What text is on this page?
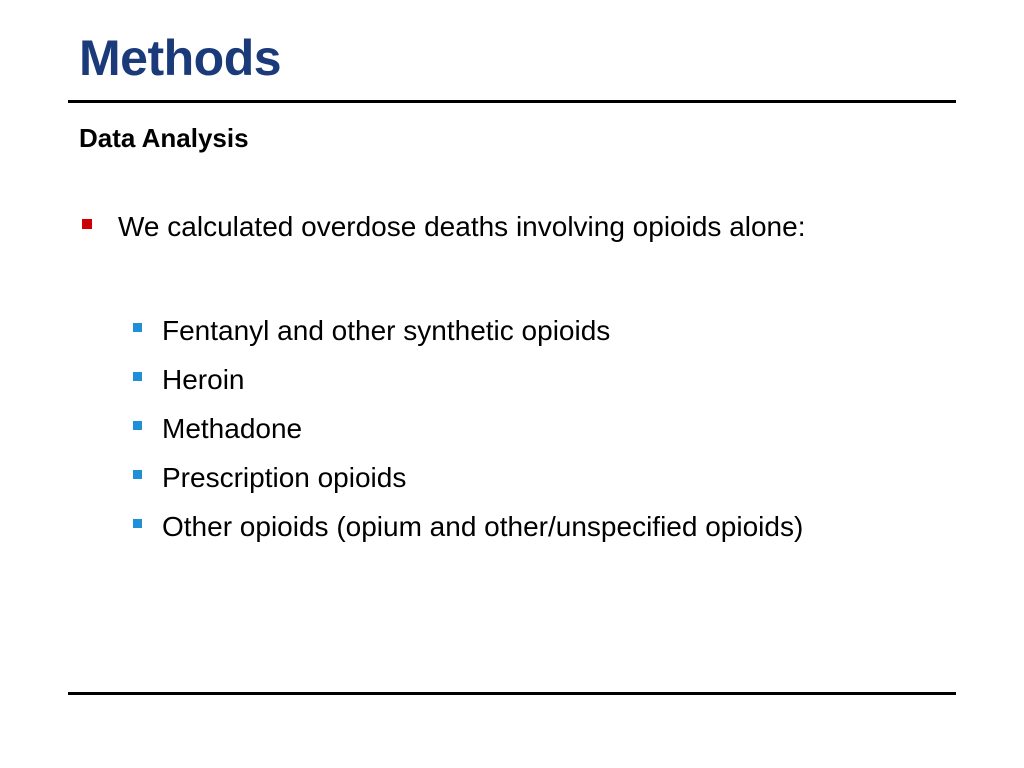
Methods
Data Analysis
We calculated overdose deaths involving opioids alone:
Fentanyl and other synthetic opioids
Heroin
Methadone
Prescription opioids
Other opioids (opium and other/unspecified opioids)
